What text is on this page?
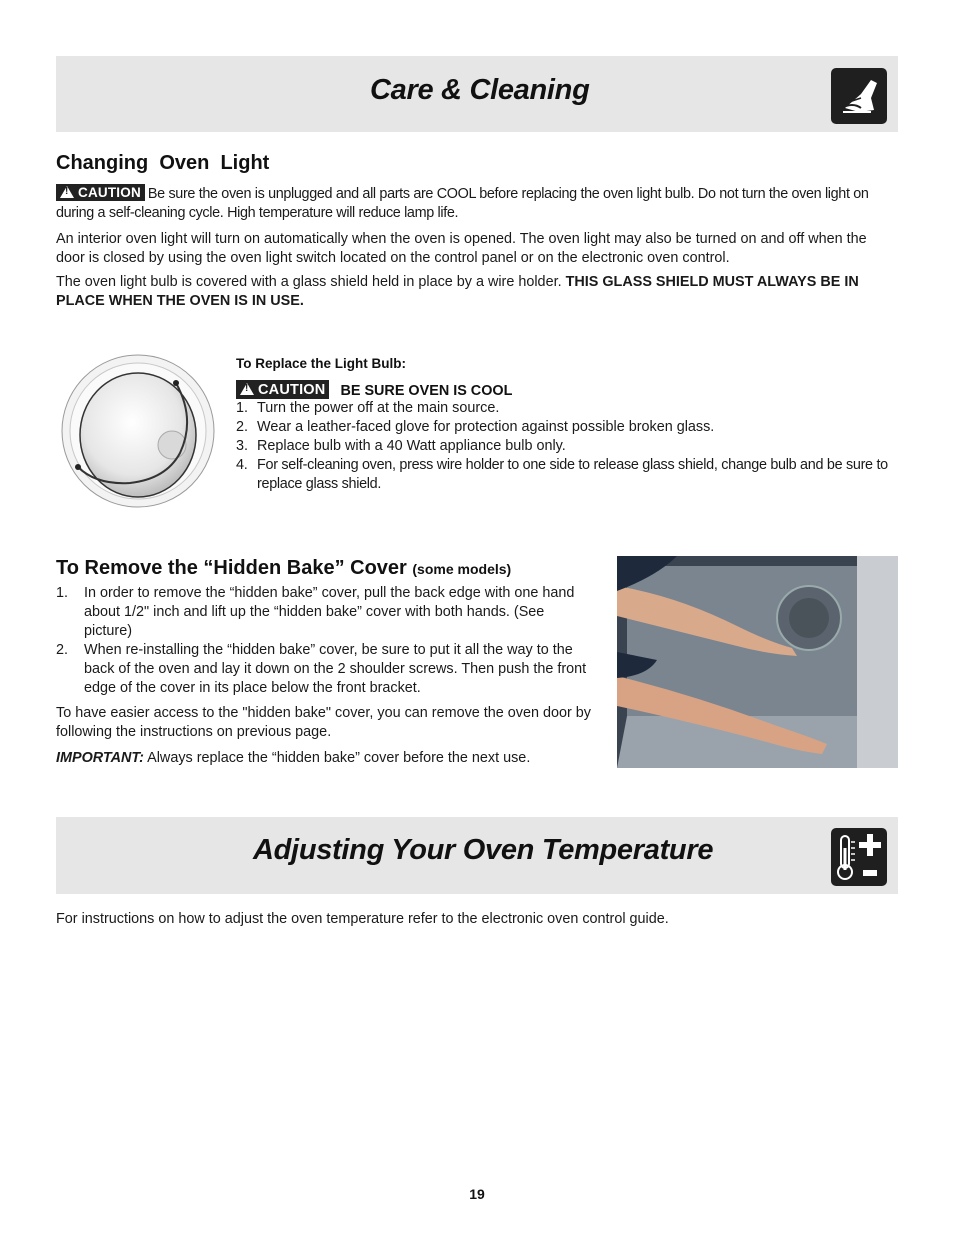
Care & Cleaning
Changing  Oven  Light
!CAUTION Be sure the oven is unplugged and all parts are COOL before replacing the oven light bulb. Do not turn the oven light on during a self-cleaning cycle. High temperature will reduce lamp life.
An interior oven light will turn on automatically when the oven is opened. The oven light may also be turned on and off when the door is closed by using the oven light switch located on the control panel or on the electronic oven control.
The oven light bulb is covered with a glass shield held in place by a wire holder. THIS GLASS SHIELD MUST ALWAYS BE IN PLACE WHEN THE OVEN IS IN USE.
To Replace the Light Bulb:
!CAUTION BE SURE OVEN IS COOL
1. Turn the power off at the main source.
2. Wear a leather-faced glove for protection against possible broken glass.
3. Replace bulb with a 40 Watt appliance bulb only.
4. For self-cleaning oven, press wire holder to one side to release glass shield, change bulb and be sure to replace glass shield.
To Remove the “Hidden Bake” Cover (some models)
1. In order to remove the “hidden bake” cover, pull the back edge with one hand about 1/2" inch and lift up the “hidden bake” cover with both hands. (See picture)
2. When re-installing the “hidden bake” cover, be sure to put it all the way to the back of the oven and lay it down on the 2 shoulder screws. Then push the front edge of the cover in its place below the front bracket.
To have easier access to the "hidden bake" cover, you can remove the oven door by following the instructions on previous page.
IMPORTANT: Always replace the “hidden bake” cover before the next use.
Adjusting Your Oven Temperature
For instructions on how to adjust the oven temperature refer to the electronic oven control guide.
19
